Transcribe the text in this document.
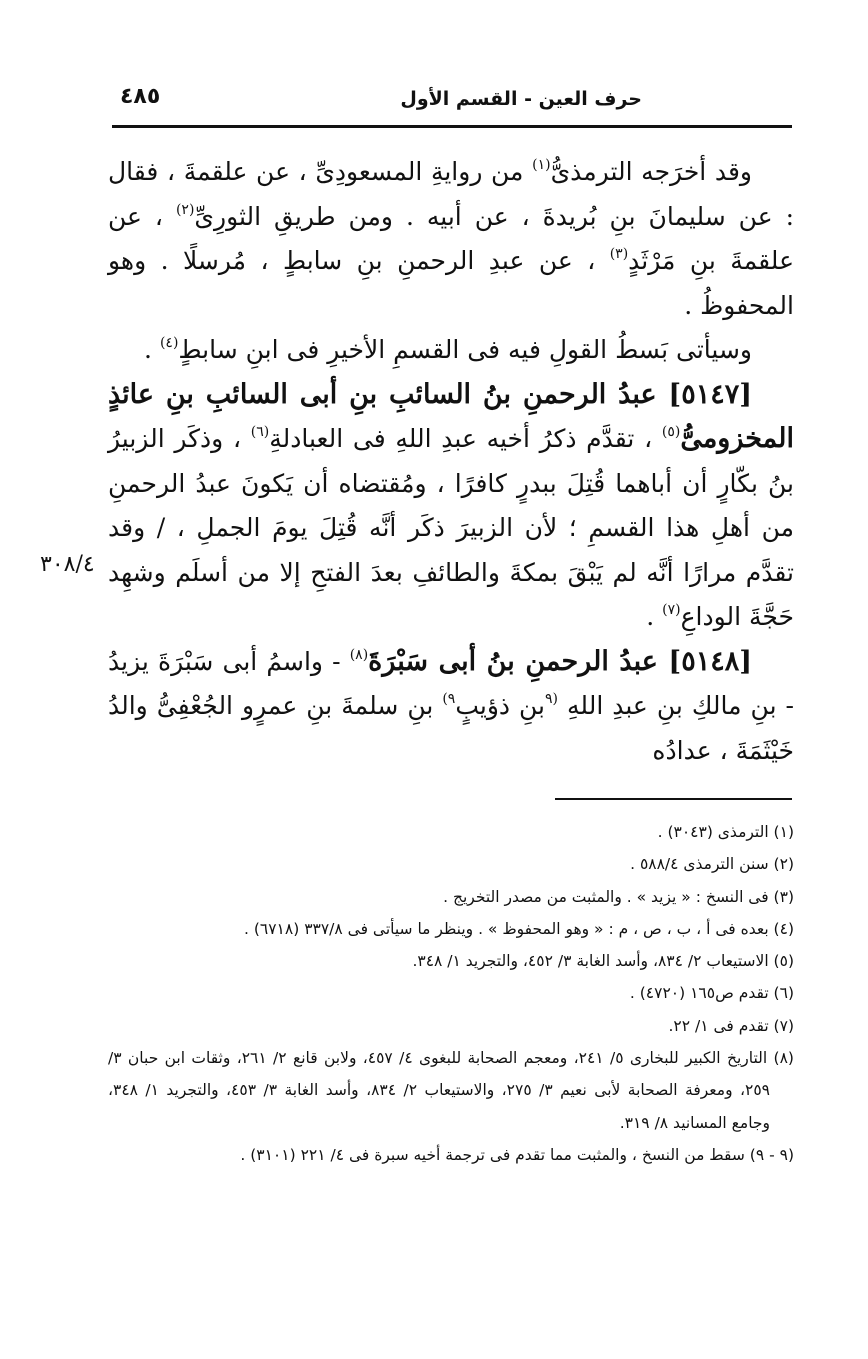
حرف العين - القسم الأول
٤٨٥

وقد أخرَجه الترمذىُّ$^{(١)}$ من روايةِ المسعودِىِّ ، عن علقمةَ ، فقال : عن سليمانَ بنِ بُريدةَ ، عن أبيه . ومن طريقِ الثورِىِّ$^{(٢)}$ ، عن علقمةَ بنِ مَرْثَدٍ$^{(٣)}$ ، عن عبدِ الرحمنِ بنِ سابطٍ ، مُرسلًا . وهو المحفوظُ .

وسيأتى بَسطُ القولِ فيه فى القسمِ الأخيرِ فى ابنِ سابطٍ$^{(٤)}$ .

[٥١٤٧] عبدُ الرحمنِ بنُ السائبِ بنِ أبى السائبِ بنِ عائذٍ المخزومىُّ$^{(٥)}$ ، تقدَّم ذكرُ أخيه عبدِ اللهِ فى العبادلةِ$^{(٦)}$ ، وذكَر الزبيرُ بنُ بكّارٍ أن أباهما قُتِلَ ببدرٍ كافرًا ، ومُقتضاه أن يَكونَ عبدُ الرحمنِ من أهلِ هذا القسمِ ؛ لأن الزبيرَ ذكَر أنَّه قُتِلَ يومَ الجملِ ، / وقد تقدَّم مرارًا أنَّه لم يَبْقَ بمكةَ والطائفِ بعدَ الفتحِ إلا من أسلَم وشهِد حَجَّةَ الوداعِ$^{(٧)}$ .

[٥١٤٨] عبدُ الرحمنِ بنُ أبى سَبْرَةَ$^{(٨)}$ - واسمُ أبى سَبْرَةَ يزيدُ - بنِ مالكِ بنِ عبدِ اللهِ $^{(٩}$بنِ ذؤيبٍ$^{٩)}$ بنِ سلمةَ بنِ عمرٍو الجُعْفِىُّ والدُ خَيْثَمَةَ ، عدادُه

٣٠٨/٤

(١) الترمذى (٣٠٤٣) .

(٢) سنن الترمذى ٥٨٨/٤ .

(٣) فى النسخ : « يزيد » . والمثبت من مصدر التخريج .

(٤) بعده فى أ ، ب ، ص ، م : « وهو المحفوظ » . وينظر ما سيأتى فى ٣٣٧/٨ (٦٧١٨) .

(٥) الاستيعاب ٢/ ٨٣٤، وأسد الغابة ٣/ ٤٥٢، والتجريد ١/ ٣٤٨.

(٦) تقدم ص١٦٥ (٤٧٢٠) .

(٧) تقدم فى ١/ ٢٢.

(٨) التاريخ الكبير للبخارى ٥/ ٢٤١، ومعجم الصحابة للبغوى ٤/ ٤٥٧، ولابن قانع ٢/ ٢٦١، وثقات ابن حبان ٣/ ٢٥٩، ومعرفة الصحابة لأبى نعيم ٣/ ٢٧٥، والاستيعاب ٢/ ٨٣٤، وأسد الغابة ٣/ ٤٥٣، والتجريد ١/ ٣٤٨، وجامع المسانيد ٨/ ٣١٩.

(٩ - ٩) سقط من النسخ ، والمثبت مما تقدم فى ترجمة أخيه سبرة فى ٤/ ٢٢١ (٣١٠١) .
